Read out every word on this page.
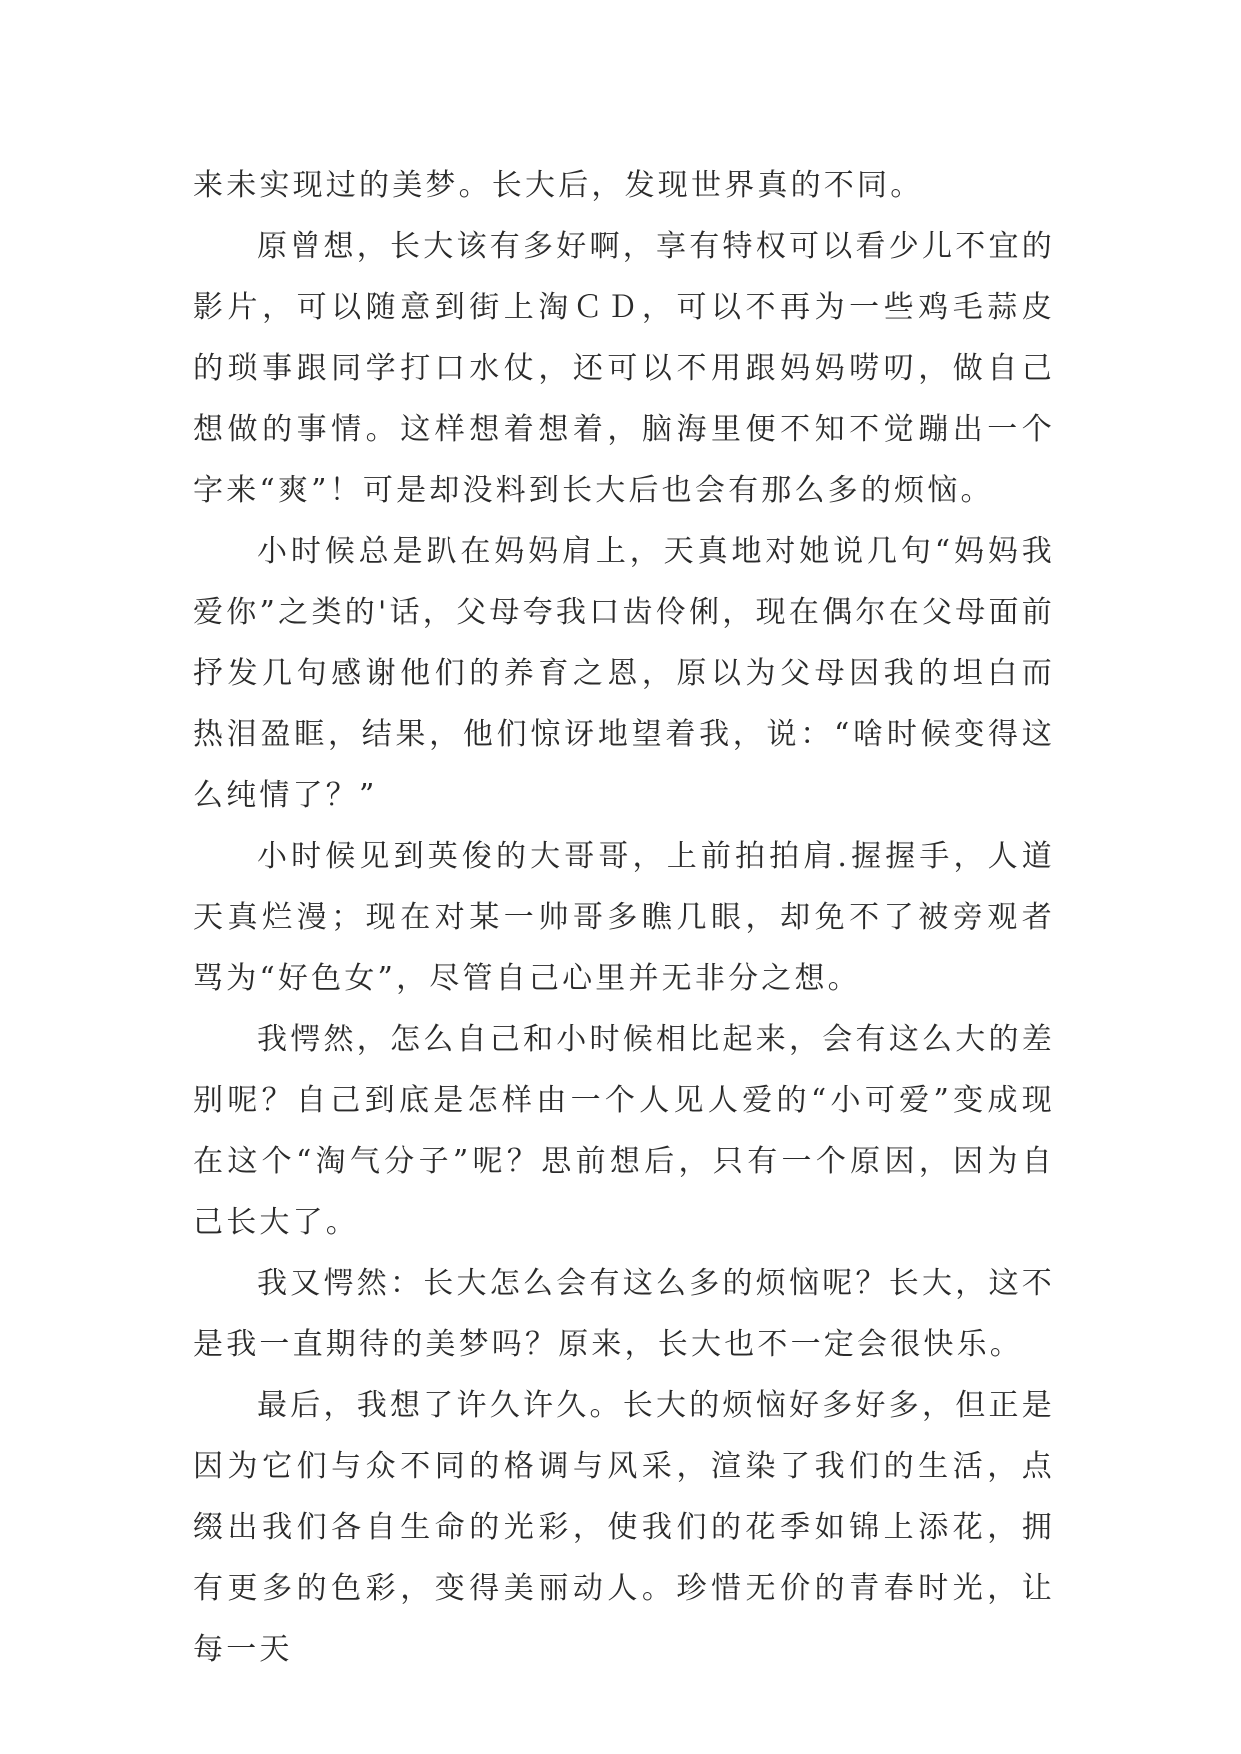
来未实现过的美梦。长大后，发现世界真的不同。

原曾想，长大该有多好啊，享有特权可以看少儿不宜的影片，可以随意到街上淘ＣＤ，可以不再为一些鸡毛蒜皮的琐事跟同学打口水仗，还可以不用跟妈妈唠叨，做自己想做的事情。这样想着想着，脑海里便不知不觉蹦出一个字来“爽”！可是却没料到长大后也会有那么多的烦恼。

小时候总是趴在妈妈肩上，天真地对她说几句“妈妈我爱你”之类的'话，父母夸我口齿伶俐，现在偶尔在父母面前抒发几句感谢他们的养育之恩，原以为父母因我的坦白而热泪盈眶，结果，他们惊讶地望着我，说：“啥时候变得这么纯情了？”

小时候见到英俊的大哥哥，上前拍拍肩.握握手，人道天真烂漫；现在对某一帅哥多瞧几眼，却免不了被旁观者骂为“好色女”，尽管自己心里并无非分之想。

我愕然，怎么自己和小时候相比起来，会有这么大的差别呢？自己到底是怎样由一个人见人爱的“小可爱”变成现在这个“淘气分子”呢？思前想后，只有一个原因，因为自己长大了。

我又愕然：长大怎么会有这么多的烦恼呢？长大，这不是我一直期待的美梦吗？原来，长大也不一定会很快乐。

最后，我想了许久许久。长大的烦恼好多好多，但正是因为它们与众不同的格调与风采，渲染了我们的生活，点缀出我们各自生命的光彩，使我们的花季如锦上添花，拥有更多的色彩，变得美丽动人。珍惜无价的青春时光，让每一天
